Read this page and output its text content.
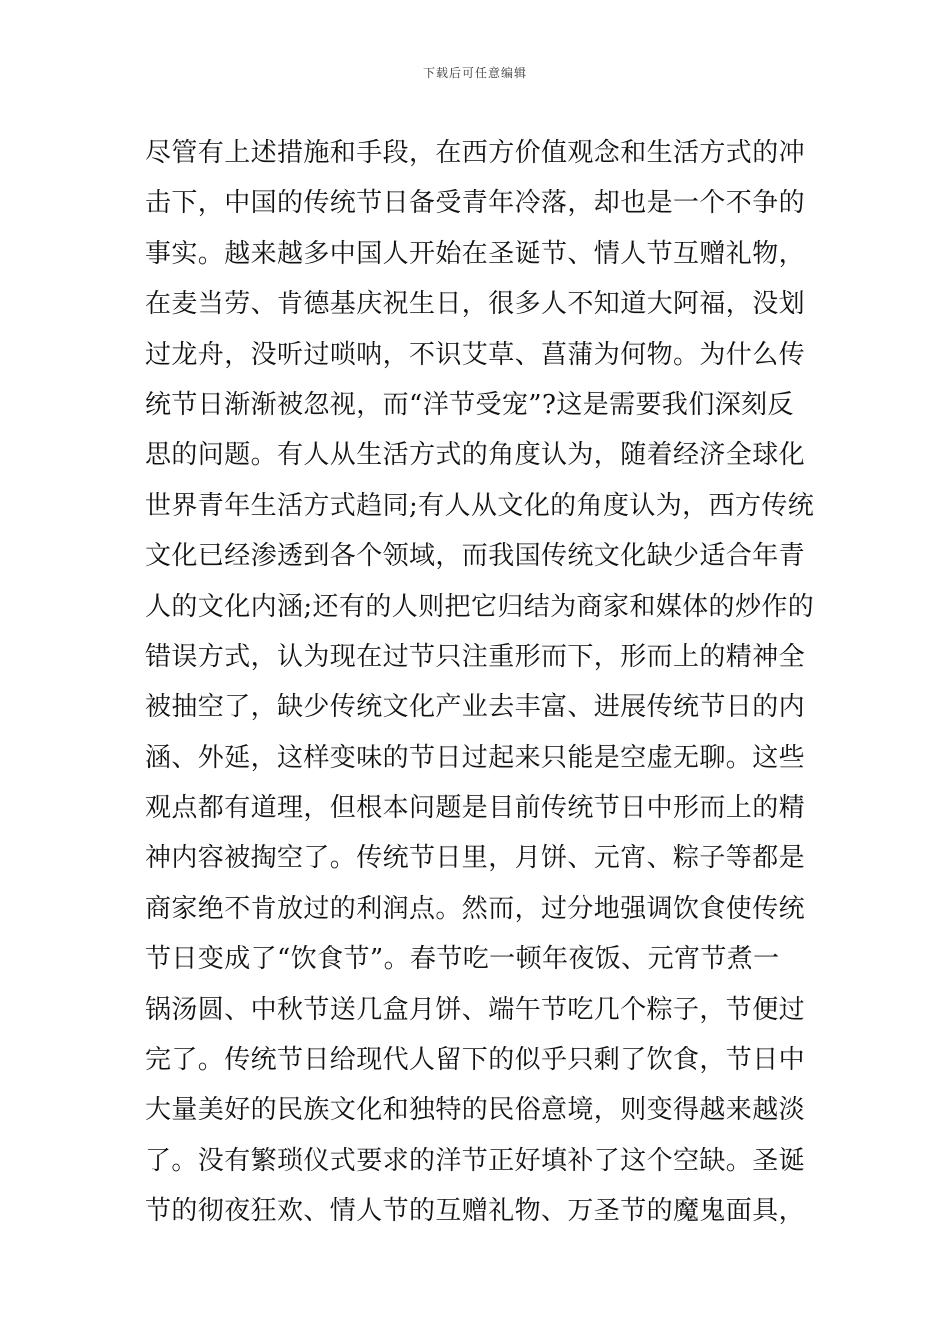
下载后可任意编辑
尽管有上述措施和手段，在西方价值观念和生活方式的冲
击下，中国的传统节日备受青年冷落，却也是一个不争的
事实。越来越多中国人开始在圣诞节、情人节互赠礼物，
在麦当劳、肯德基庆祝生日，很多人不知道大阿福，没划
过龙舟，没听过唢呐，不识艾草、菖蒲为何物。为什么传
统节日渐渐被忽视，而“洋节受宠”?这是需要我们深刻反
思的问题。有人从生活方式的角度认为，随着经济全球化
世界青年生活方式趋同;有人从文化的角度认为，西方传统
文化已经渗透到各个领域，而我国传统文化缺少适合年青
人的文化内涵;还有的人则把它归结为商家和媒体的炒作的
错误方式，认为现在过节只注重形而下，形而上的精神全
被抽空了，缺少传统文化产业去丰富、进展传统节日的内
涵、外延，这样变味的节日过起来只能是空虚无聊。这些
观点都有道理，但根本问题是目前传统节日中形而上的精
神内容被掏空了。传统节日里，月饼、元宵、粽子等都是
商家绝不肯放过的利润点。然而，过分地强调饮食使传统
节日变成了“饮食节”。春节吃一顿年夜饭、元宵节煮一
锅汤圆、中秋节送几盒月饼、端午节吃几个粽子，节便过
完了。传统节日给现代人留下的似乎只剩了饮食，节日中
大量美好的民族文化和独特的民俗意境，则变得越来越淡
了。没有繁琐仪式要求的洋节正好填补了这个空缺。圣诞
节的彻夜狂欢、情人节的互赠礼物、万圣节的魔鬼面具，
